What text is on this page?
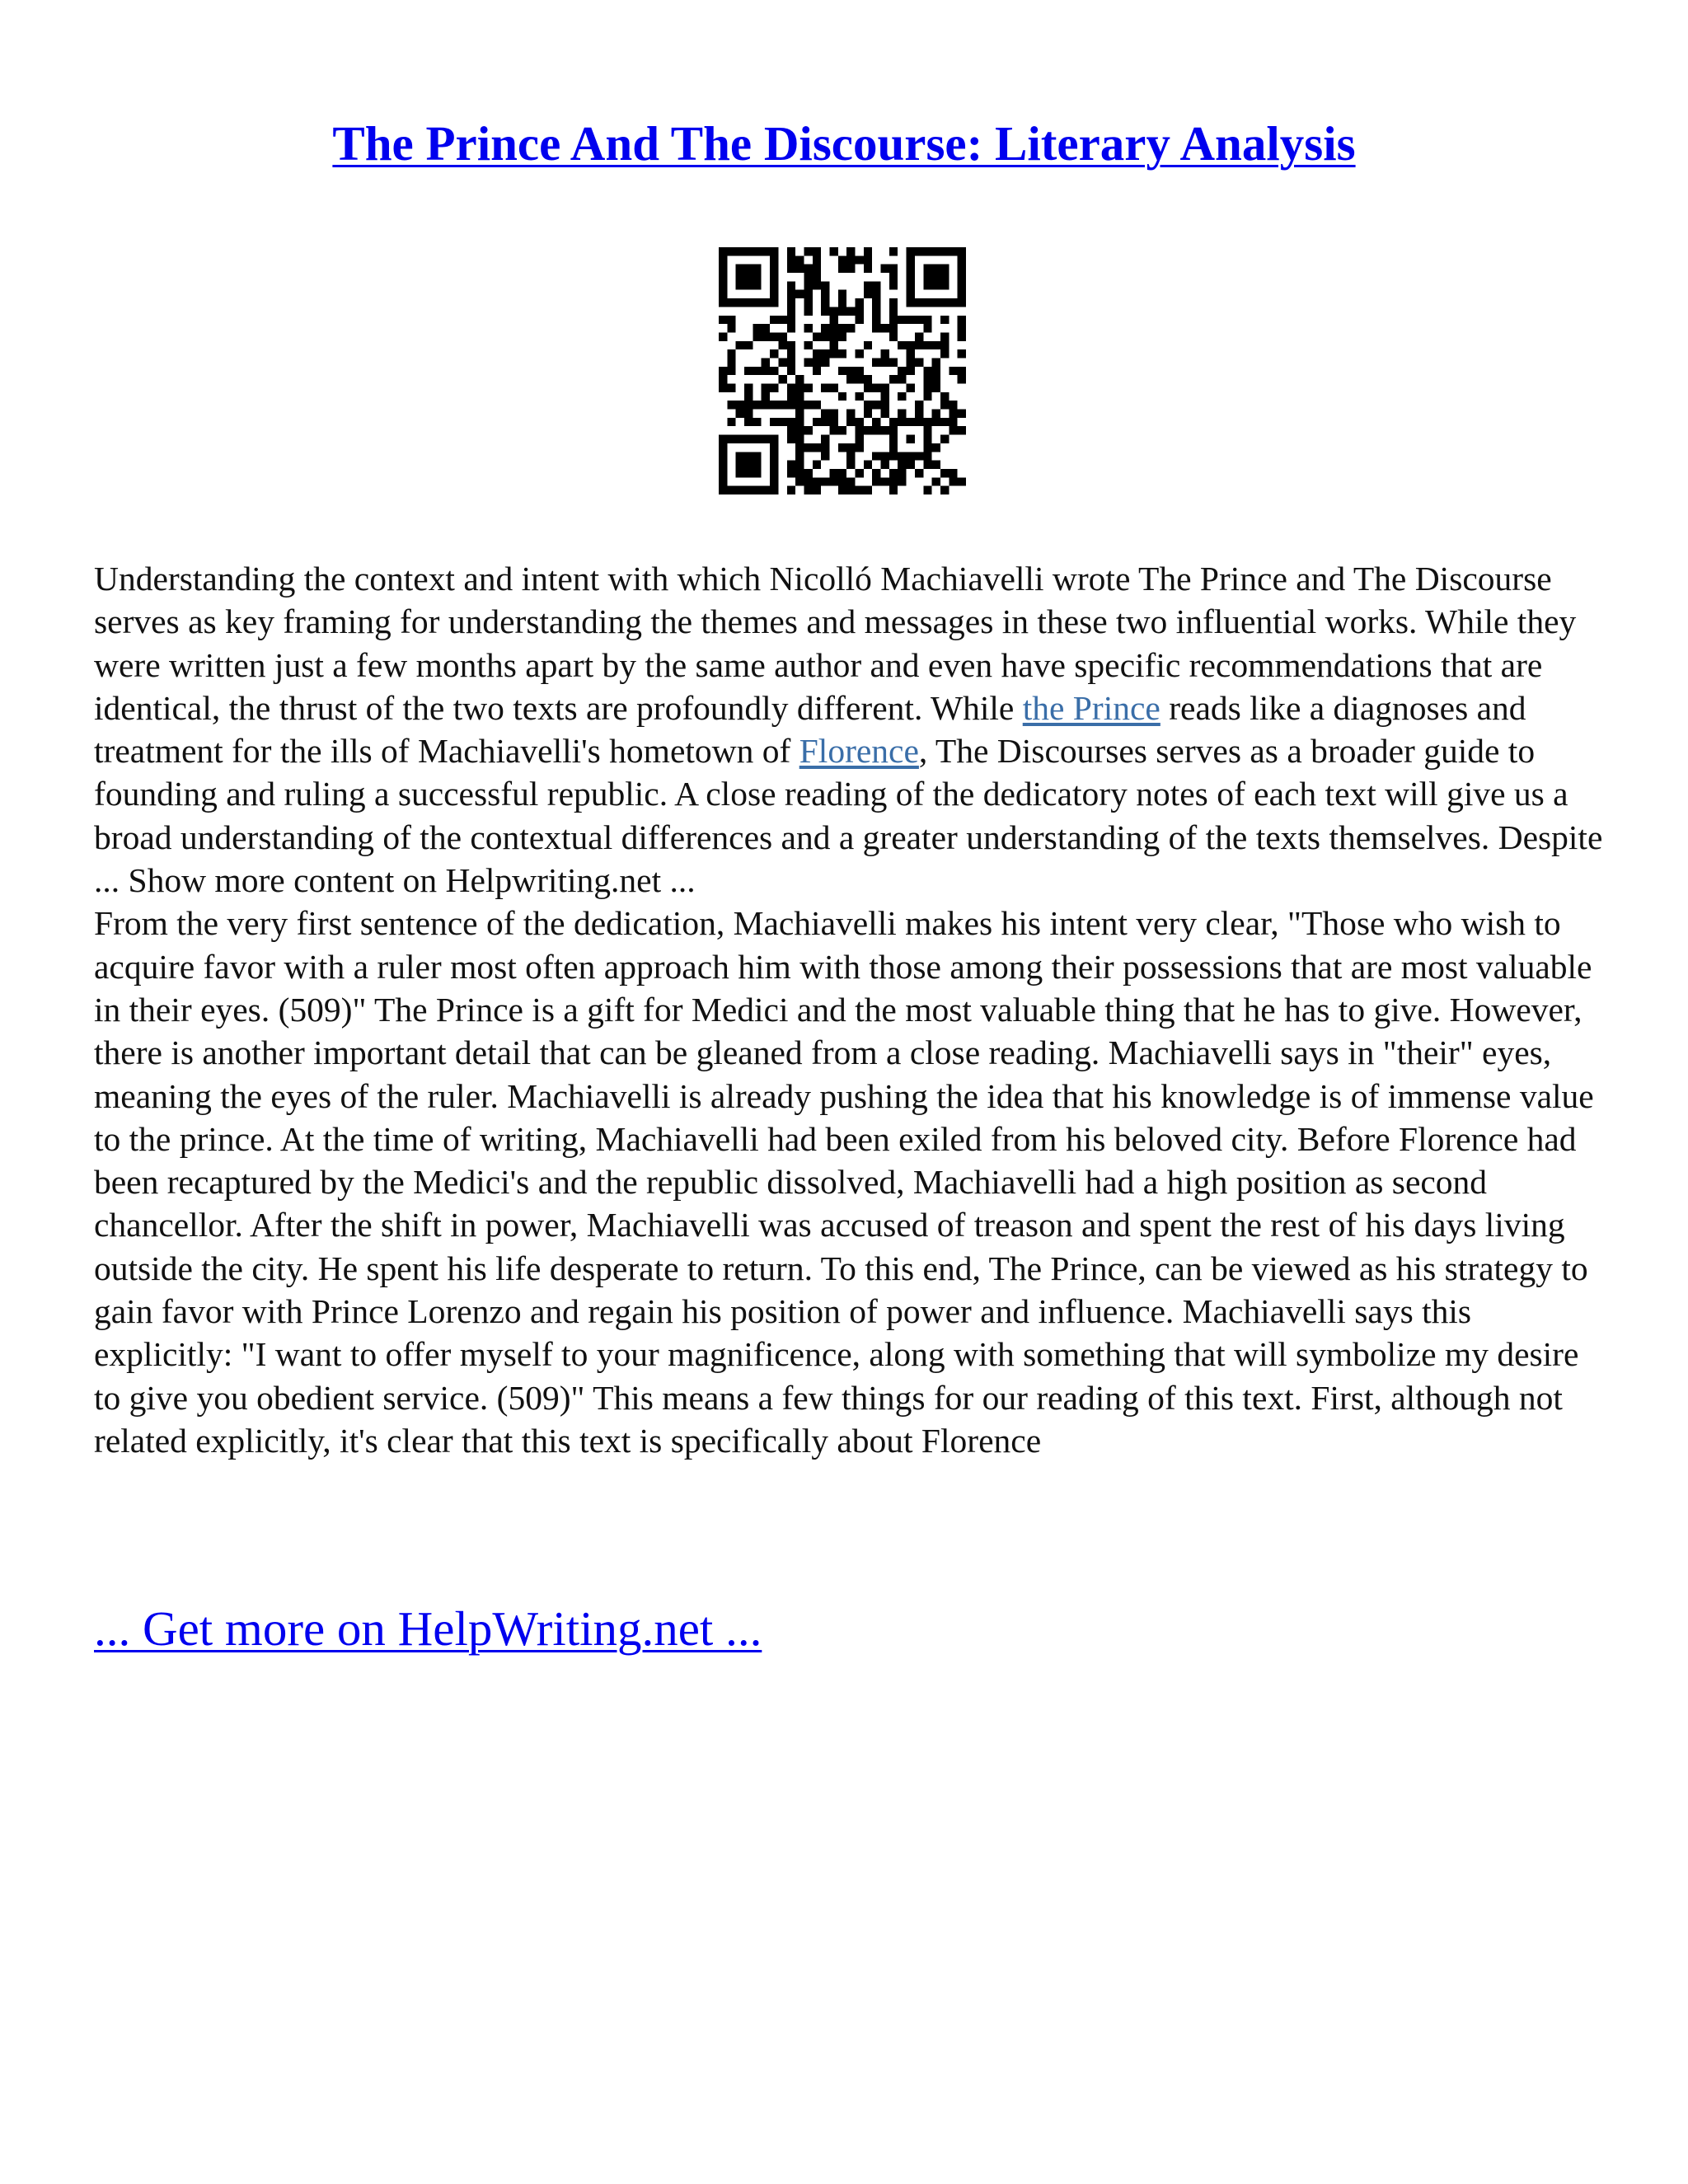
The Prince And The Discourse: Literary Analysis

Understanding the context and intent with which Nicolló Machiavelli wrote The Prince and The Discourse serves as key framing for understanding the themes and messages in these two influential works. While they were written just a few months apart by the same author and even have specific recommendations that are identical, the thrust of the two texts are profoundly different. While the Prince reads like a diagnoses and treatment for the ills of Machiavelli's hometown of Florence, The Discourses serves as a broader guide to founding and ruling a successful republic. A close reading of the dedicatory notes of each text will give us a broad understanding of the contextual differences and a greater understanding of the texts themselves. Despite ... Show more content on Helpwriting.net ...

From the very first sentence of the dedication, Machiavelli makes his intent very clear, "Those who wish to acquire favor with a ruler most often approach him with those among their possessions that are most valuable in their eyes. (509)" The Prince is a gift for Medici and the most valuable thing that he has to give. However, there is another important detail that can be gleaned from a close reading. Machiavelli says in "their" eyes, meaning the eyes of the ruler. Machiavelli is already pushing the idea that his knowledge is of immense value to the prince. At the time of writing, Machiavelli had been exiled from his beloved city. Before Florence had been recaptured by the Medici's and the republic dissolved, Machiavelli had a high position as second chancellor. After the shift in power, Machiavelli was accused of treason and spent the rest of his days living outside the city. He spent his life desperate to return. To this end, The Prince, can be viewed as his strategy to gain favor with Prince Lorenzo and regain his position of power and influence. Machiavelli says this explicitly: "I want to offer myself to your magnificence, along with something that will symbolize my desire to give you obedient service. (509)" This means a few things for our reading of this text. First, although not related explicitly, it's clear that this text is specifically about Florence

... Get more on HelpWriting.net ...
